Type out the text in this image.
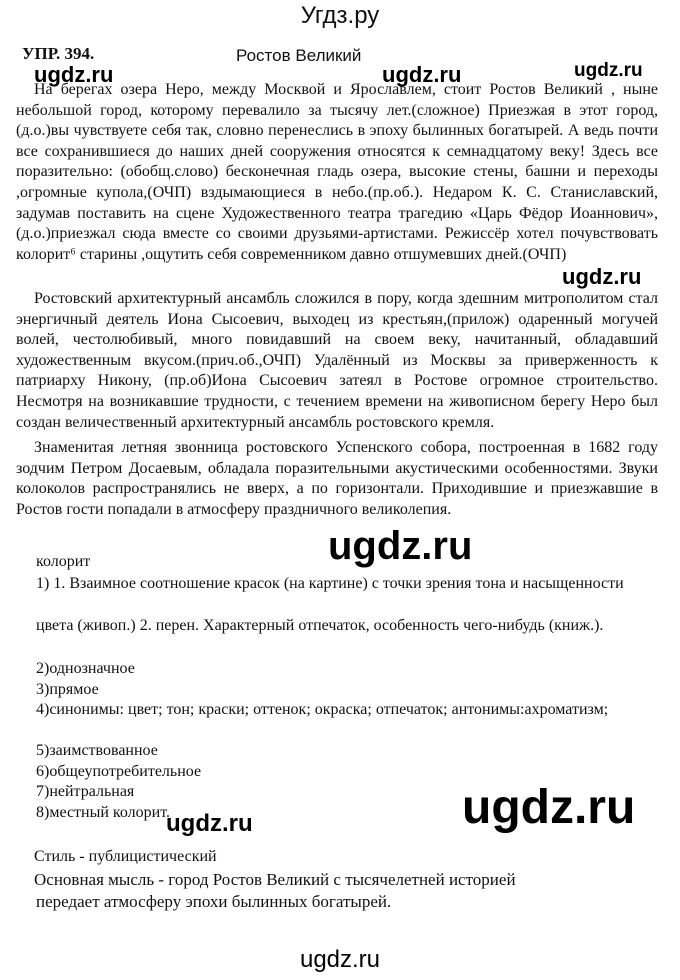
Угдз.ру
УПР. 394.	Ростов Великий
На берегах озера Неро, между Москвой и Ярославлем, стоит Ростов Великий , ныне небольшой город, которому перевалило за тысячу лет.(сложное) Приезжая в этот город, (д.о.)вы чувствуете себя так, словно перенеслись в эпоху былинных богатырей. А ведь почти все сохранившиеся до наших дней сооружения относятся к семнадцатому веку! Здесь все поразительно: (обобщ.слово) бесконечная гладь озера, высокие стены, башни и переходы ,огромные купола,(ОЧП) вздымающиеся в небо.(пр.об.). Недаром К. С. Станиславский, задумав поставить на сцене Художественного театра трагедию «Царь Фёдор Иоаннович», (д.о.)приезжал сюда вместе со своими друзьями-артистами. Режиссёр хотел почувствовать колорит⁶ старины ,ощутить себя современником давно отшумевших дней.(ОЧП)
Ростовский архитектурный ансамбль сложился в пору, когда здешним митрополитом стал энергичный деятель Иона Сысоевич, выходец из крестьян,(прилож) одаренный могучей волей, честолюбивый, много повидавший на своем веку, начитанный, обладавший художественным вкусом.(прич.об.,ОЧП) Удалённый из Москвы за приверженность к патриарху Никону, (пр.об)Иона Сысоевич затеял в Ростове огромное строительство. Несмотря на возникавшие трудности, с течением времени на живописном берегу Неро был создан величественный архитектурный ансамбль ростовского кремля.
Знаменитая летняя звонница ростовского Успенского собора, построенная в 1682 году зодчим Петром Досаевым, обладала поразительными акустическими особенностями. Звуки колоколов распространялись не вверх, а по горизонтали. Приходившие и приезжавшие в Ростов гости попадали в атмосферу праздничного великолепия.
колорит
1) 1. Взаимное соотношение красок (на картине) с точки зрения тона и насыщенности
цвета (живоп.) 2. перен. Характерный отпечаток, особенность чего-нибудь (книж.).
2)однозначное
3)прямое
4)синонимы: цвет; тон; краски; оттенок; окраска; отпечаток; антонимы:ахроматизм;
5)заимствованное
6)общеупотребительное
7)нейтральная
8)местный колорит.
Стиль - публицистический
Основная мысль - город Ростов Великий с тысячелетней историей
передает атмосферу эпохи былинных богатырей.
ugdz.ru	ugdz.ru	ugdz.ru
ugdz.ru
ugdz.ru
ugdz.ru
ugdz.ru
ugdz.ru
